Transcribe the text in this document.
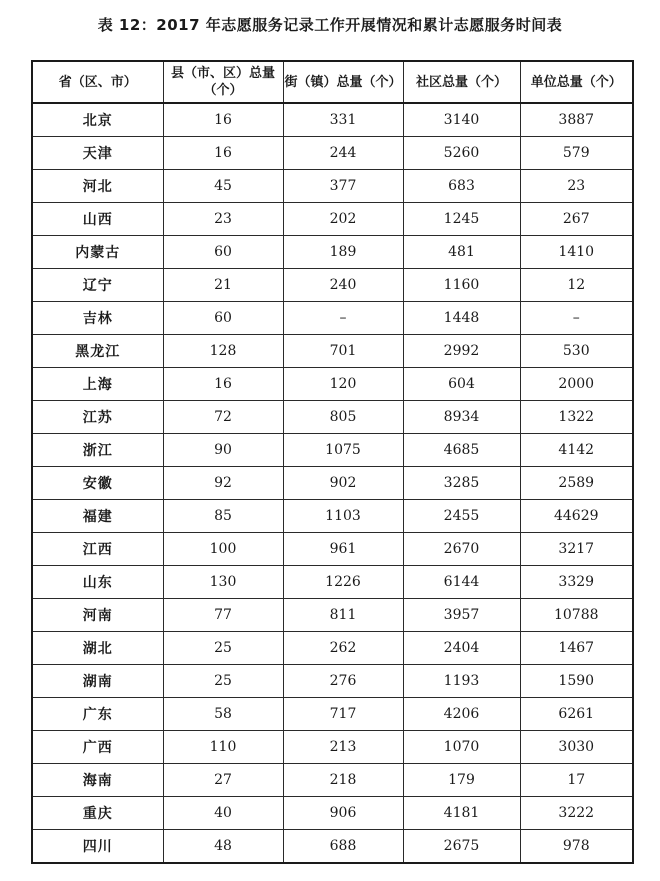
表 12：2017 年志愿服务记录工作开展情况和累计志愿服务时间表
省（区、市）	县（市、区）总量（个）	街（镇）总量（个）	社区总量（个）	单位总量（个）
北京	16	331	3140	3887
天津	16	244	5260	579
河北	45	377	683	23
山西	23	202	1245	267
内蒙古	60	189	481	1410
辽宁	21	240	1160	12
吉林	60	–	1448	–
黑龙江	128	701	2992	530
上海	16	120	604	2000
江苏	72	805	8934	1322
浙江	90	1075	4685	4142
安徽	92	902	3285	2589
福建	85	1103	2455	44629
江西	100	961	2670	3217
山东	130	1226	6144	3329
河南	77	811	3957	10788
湖北	25	262	2404	1467
湖南	25	276	1193	1590
广东	58	717	4206	6261
广西	110	213	1070	3030
海南	27	218	179	17
重庆	40	906	4181	3222
四川	48	688	2675	978
